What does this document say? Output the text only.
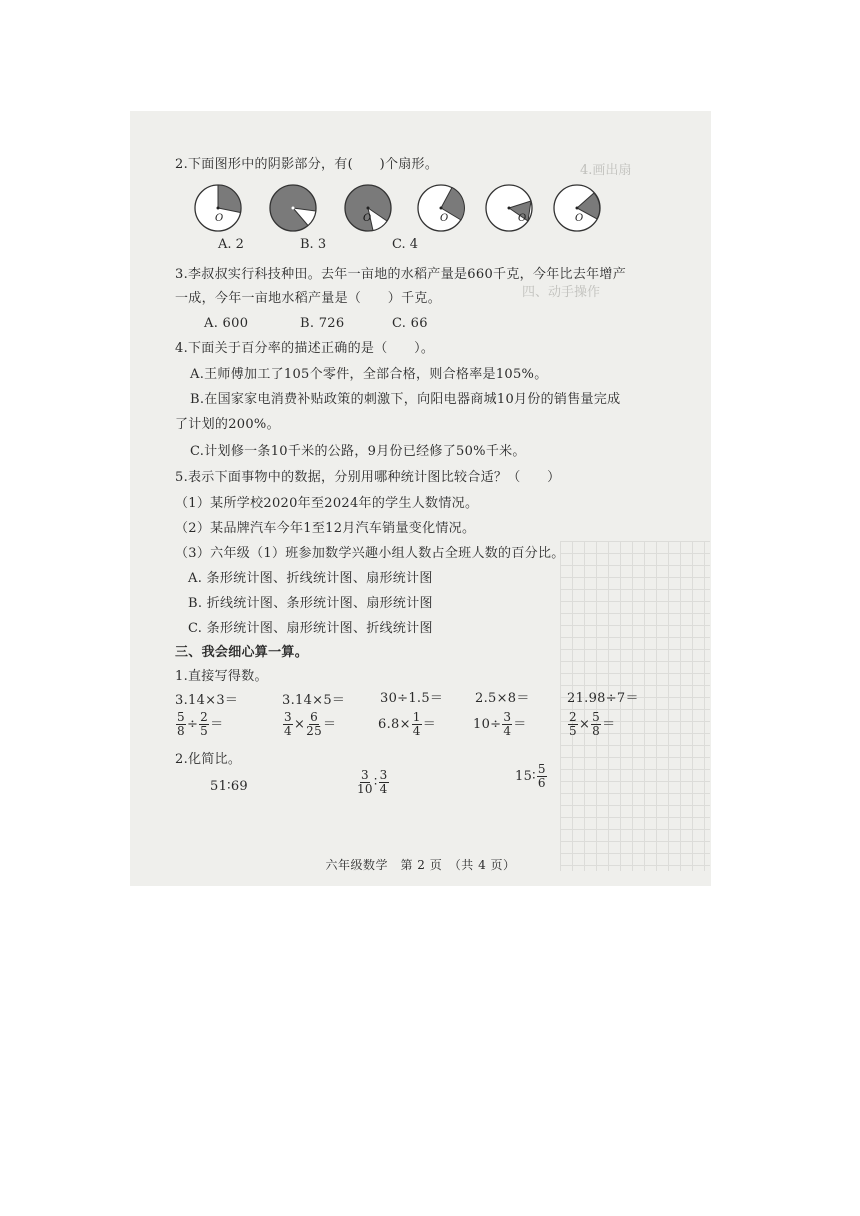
4.画出扇
四、动手操作
2.下面图形中的阴影部分，有(　　)个扇形。
O	O	O	O	O
A. 2	B. 3	C. 4
3.李叔叔实行科技种田。去年一亩地的水稻产量是660千克，今年比去年增产
一成，今年一亩地水稻产量是（　　）千克。
A. 600	B. 726	C. 66
4.下面关于百分率的描述正确的是（　　）。
A.王师傅加工了105个零件，全部合格，则合格率是105%。
B.在国家家电消费补贴政策的刺激下，向阳电器商城10月份的销售量完成
了计划的200%。
C.计划修一条10千米的公路，9月份已经修了50%千米。
5.表示下面事物中的数据，分别用哪种统计图比较合适？（　　）
（1）某所学校2020年至2024年的学生人数情况。
（2）某品牌汽车今年1至12月汽车销量变化情况。
（3）六年级（1）班参加数学兴趣小组人数占全班人数的百分比。
A. 条形统计图、折线统计图、扇形统计图
B. 折线统计图、条形统计图、扇形统计图
C. 条形统计图、扇形统计图、折线统计图
三、我会细心算一算。
1.直接写得数。
3.14×3＝	3.14×5＝	30÷1.5＝ 2.5×8＝	21.98÷7＝
$\frac{5}{8} \div \frac{2}{5}$ ＝	$\frac{3}{4} \times \frac{6}{25}$ ＝	$6.8\times \frac{1}{4}$ ＝	$10\div \frac{3}{4}$ ＝	$\frac{2}{5} \times \frac{5}{8}$ ＝
2.化简比。
51∶69	$\frac{3}{10}$ ∶ $\frac{3}{4}$	15∶ $\frac{5}{6}$
六年级数学　第 2 页　（共 4 页）
